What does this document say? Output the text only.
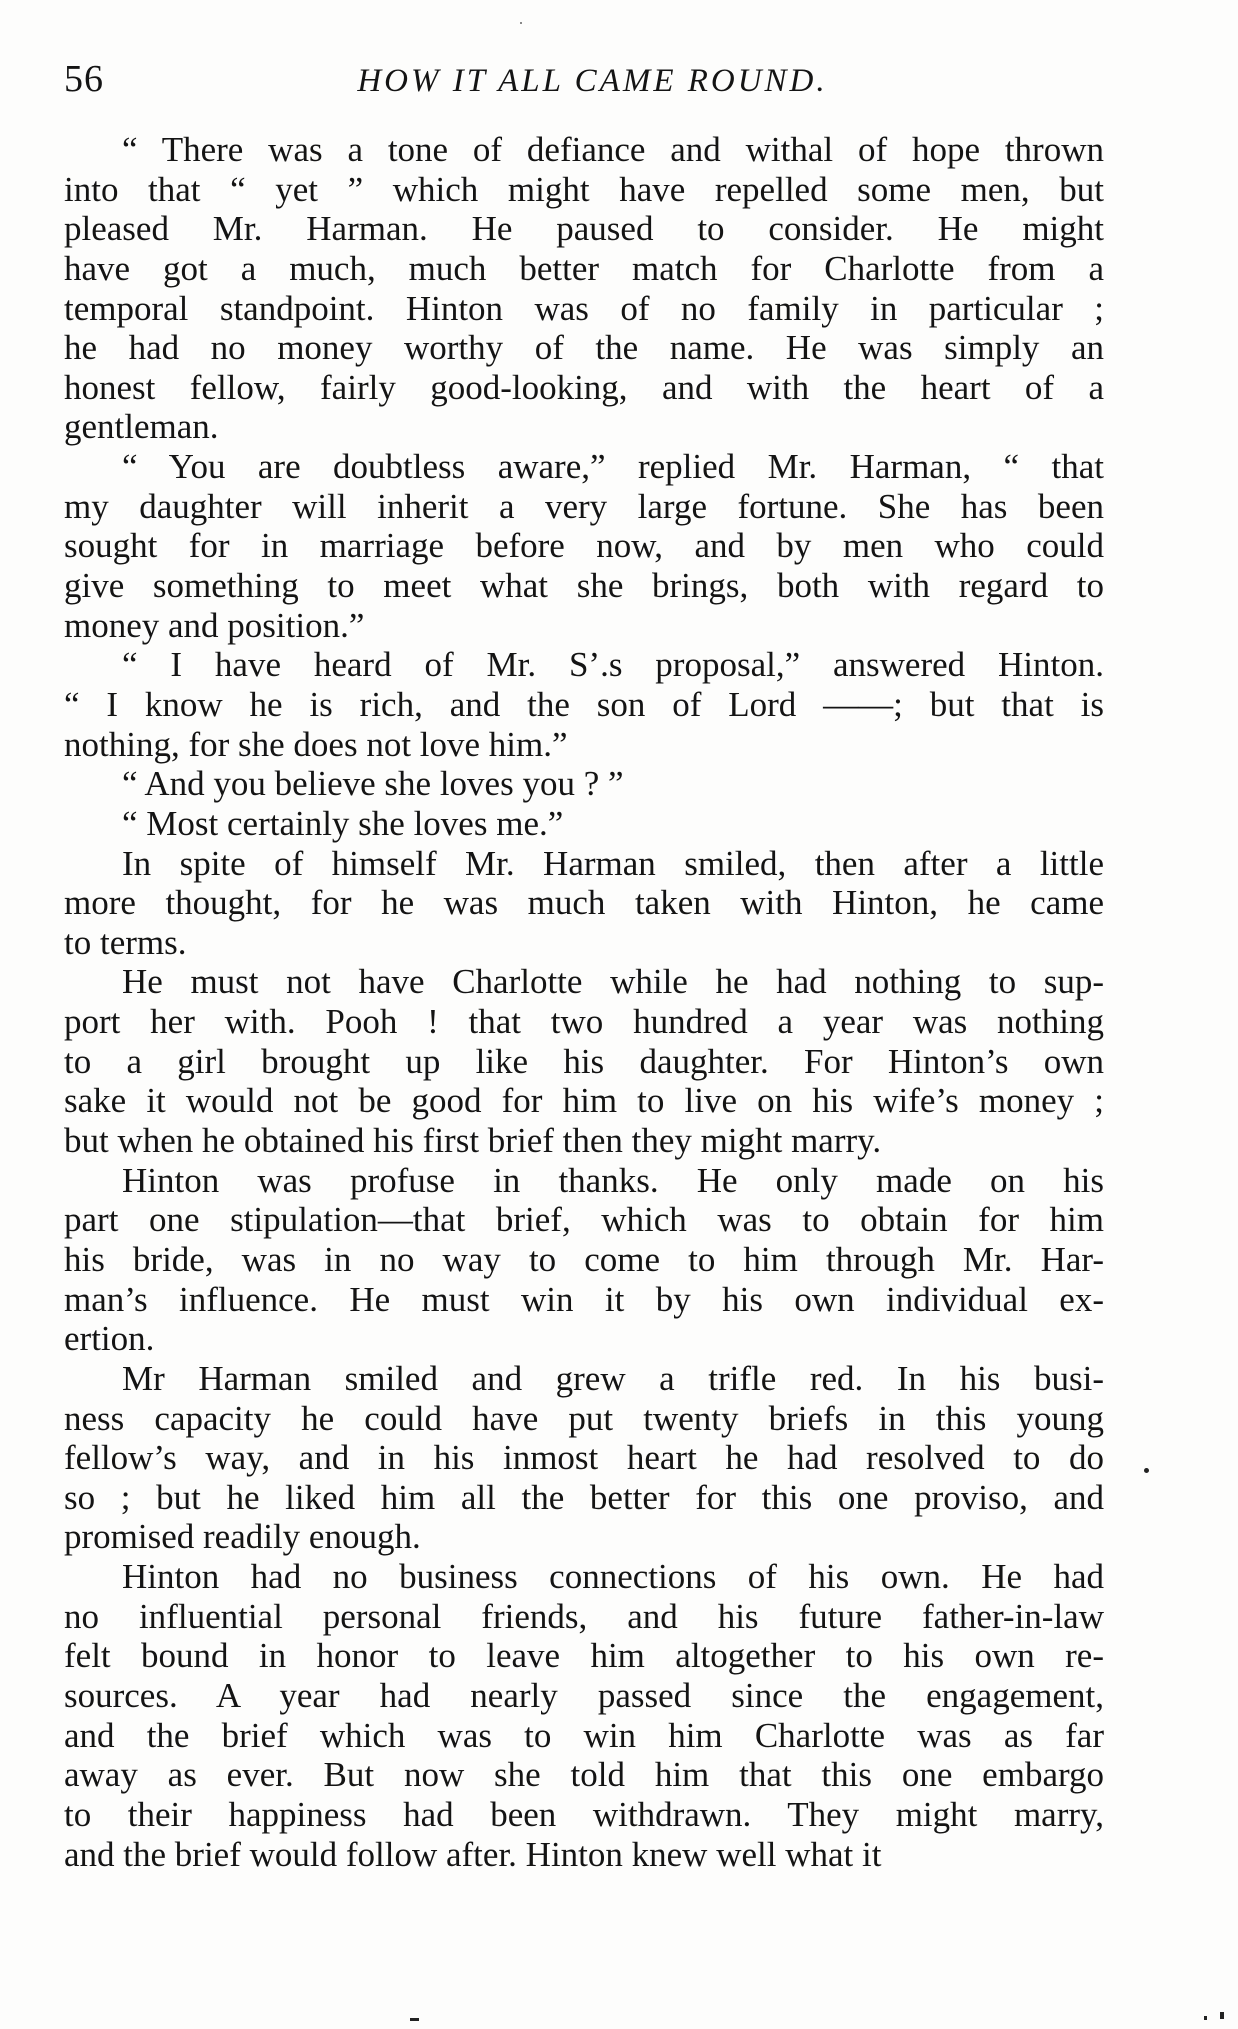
56	HOW IT ALL CAME ROUND.
“ There was a tone of defiance and withal of hope thrown
into that “ yet ” which might have repelled some men, but
pleased Mr. Harman. He paused to consider. He might
have got a much, much better match for Charlotte from a
temporal standpoint. Hinton was of no family in particular ;
he had no money worthy of the name. He was simply an
honest fellow, fairly good-looking, and with the heart of a
gentleman.
“ You are doubtless aware,” replied Mr. Harman, “ that
my daughter will inherit a very large fortune. She has been
sought for in marriage before now, and by men who could
give something to meet what she brings, both with regard to
money and position.”
“ I have heard of Mr. S’.s proposal,” answered Hinton.
“ I know he is rich, and the son of Lord ——; but that is
nothing, for she does not love him.”
“ And you believe she loves you ? ”
“ Most certainly she loves me.”
In spite of himself Mr. Harman smiled, then after a little
more thought, for he was much taken with Hinton, he came
to terms.
He must not have Charlotte while he had nothing to sup-
port her with. Pooh ! that two hundred a year was nothing
to a girl brought up like his daughter. For Hinton’s own
sake it would not be good for him to live on his wife’s money ;
but when he obtained his first brief then they might marry.
Hinton was profuse in thanks. He only made on his
part one stipulation—that brief, which was to obtain for him
his bride, was in no way to come to him through Mr. Har-
man’s influence. He must win it by his own individual ex-
ertion.
Mr Harman smiled and grew a trifle red. In his busi-
ness capacity he could have put twenty briefs in this young
fellow’s way, and in his inmost heart he had resolved to do
so ; but he liked him all the better for this one proviso, and
promised readily enough.
Hinton had no business connections of his own. He had
no influential personal friends, and his future father-in-law
felt bound in honor to leave him altogether to his own re-
sources. A year had nearly passed since the engagement,
and the brief which was to win him Charlotte was as far
away as ever. But now she told him that this one embargo
to their happiness had been withdrawn. They might marry,
and the brief would follow after. Hinton knew well what it
